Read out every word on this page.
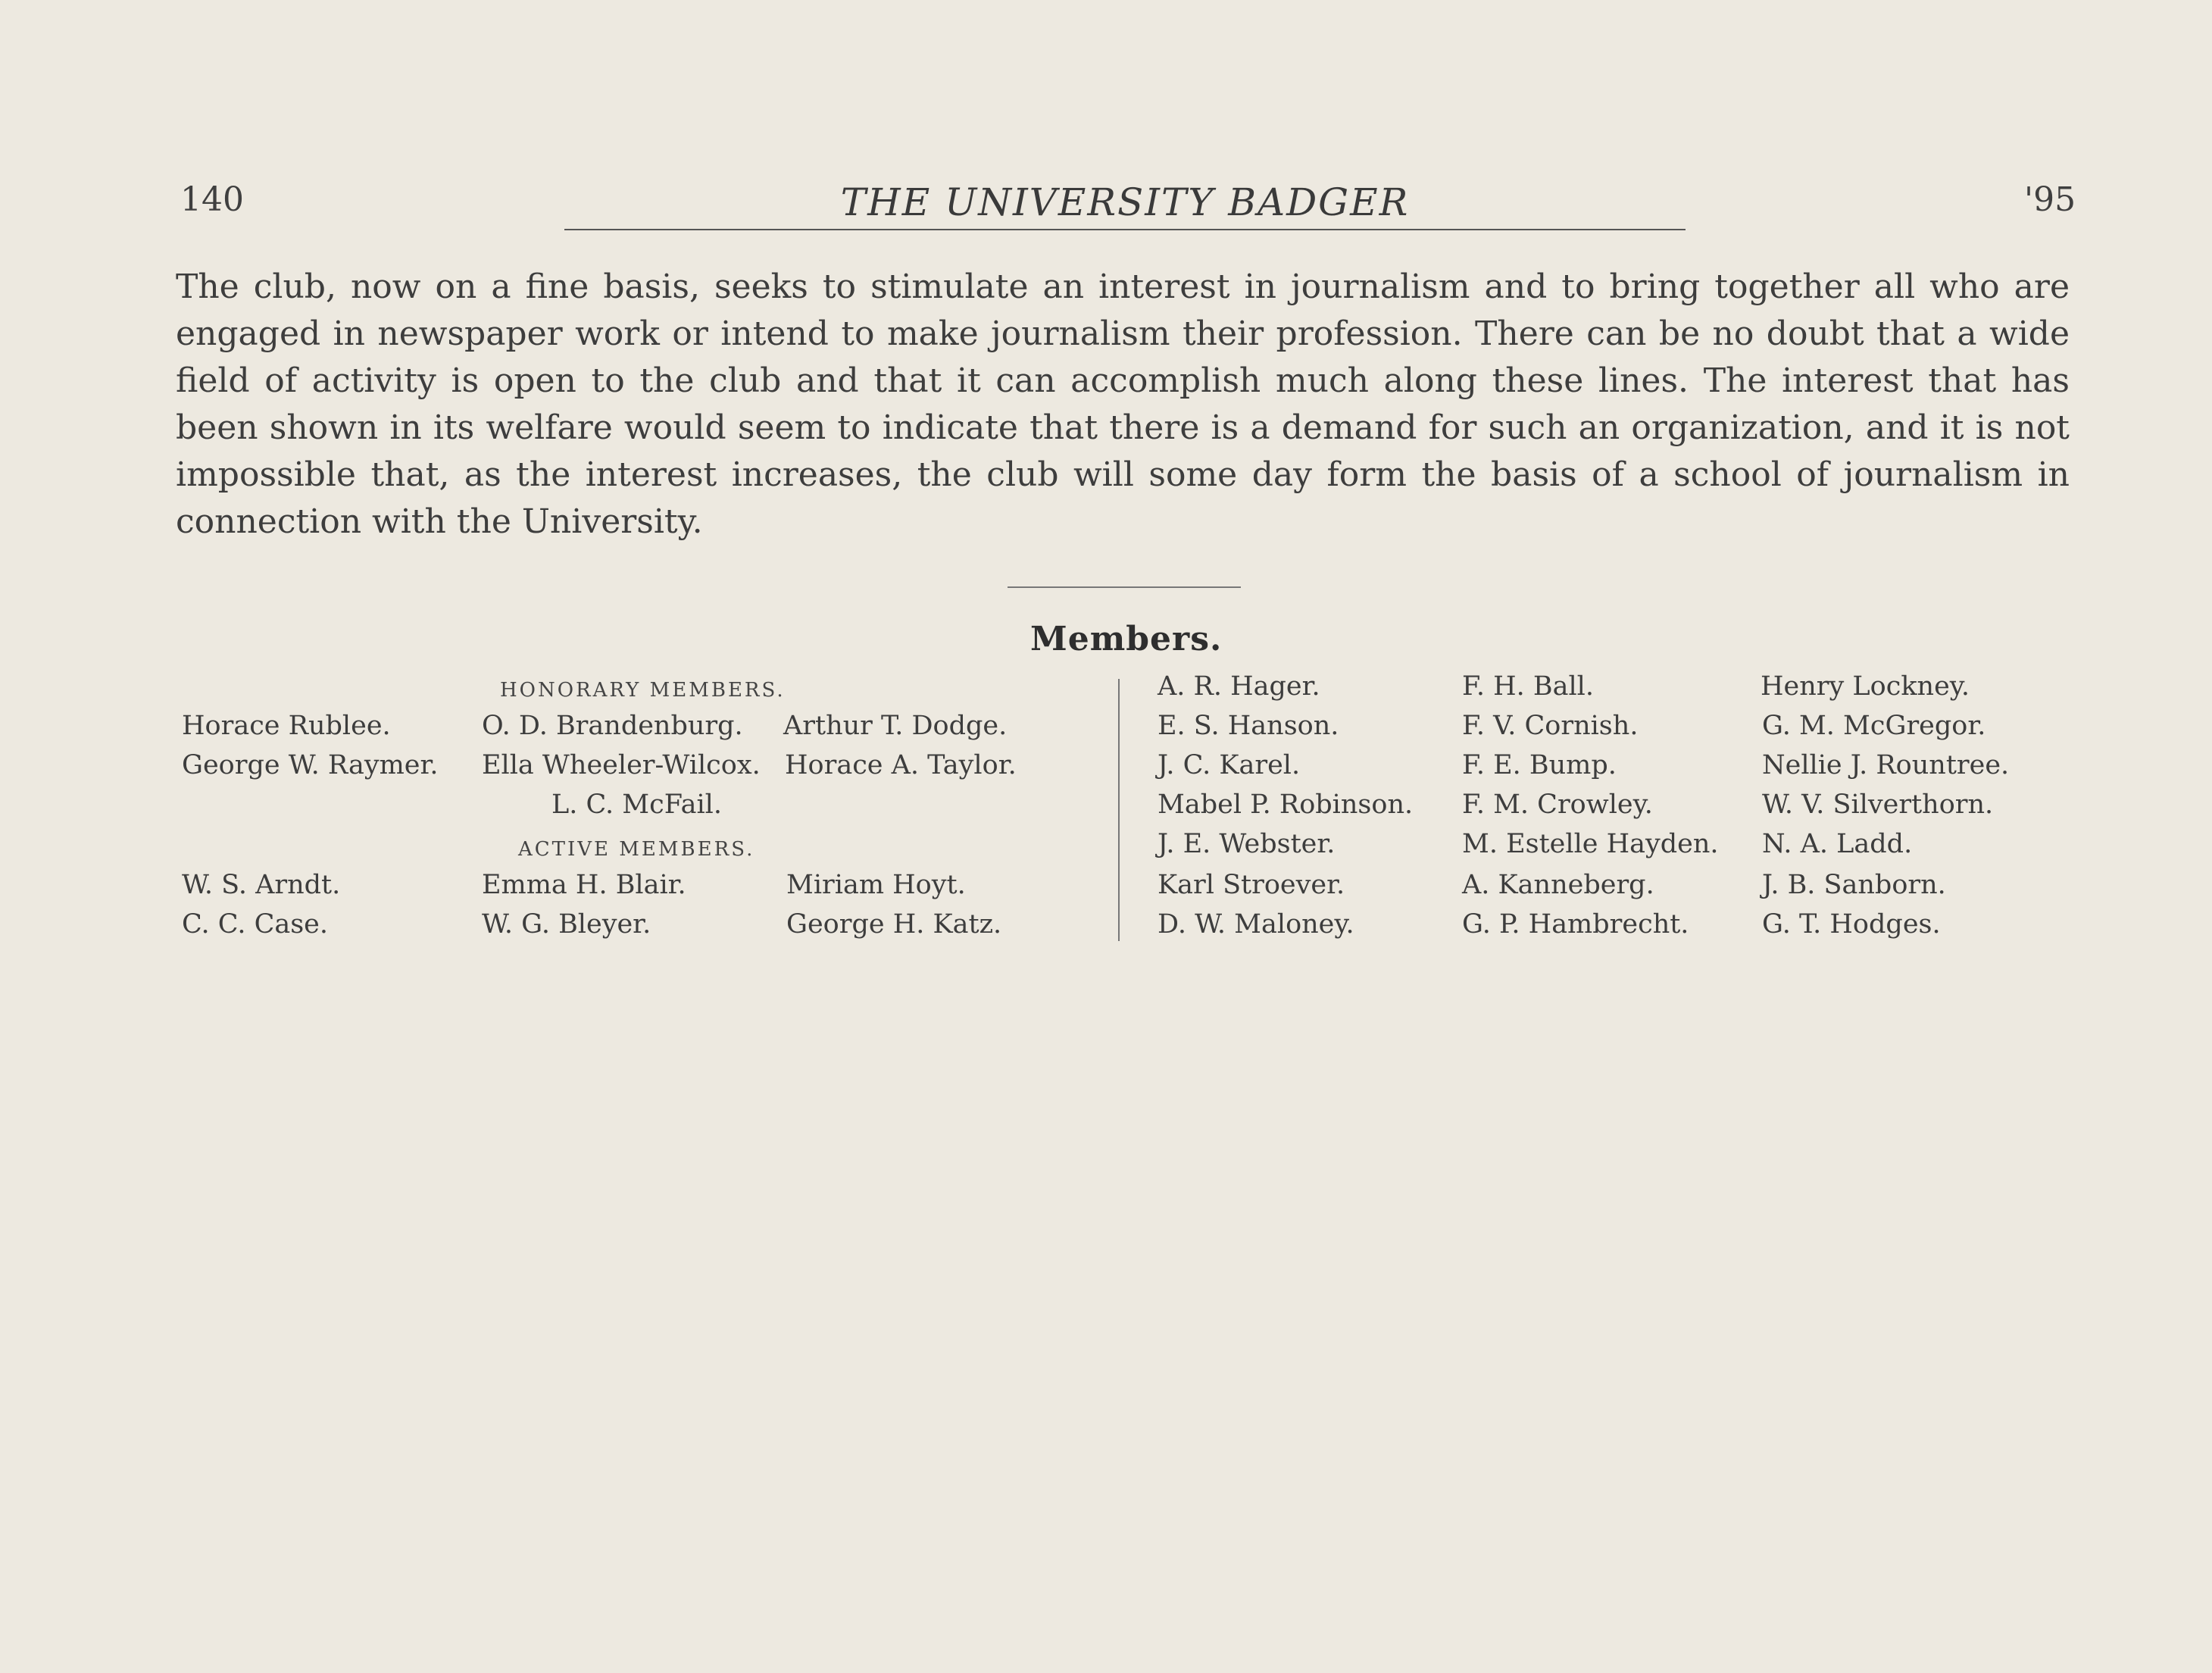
140	THE UNIVERSITY BADGER	'95

The club, now on a fine basis, seeks to stimulate an interest in journalism and to bring together all who are engaged in newspaper work or intend to make journalism their profession. There can be no doubt that a wide field of activity is open to the club and that it can accomplish much along these lines. The interest that has been shown in its welfare would seem to indicate that there is a demand for such an organization, and it is not impossible that, as the interest increases, the club will some day form the basis of a school of journalism in connection with the University.

Members.
HONORARY MEMBERS.
Horace Rublee.	O. D. Brandenburg. Arthur T. Dodge.
George W. Raymer. Ella Wheeler-Wilcox. Horace A. Taylor.
L. C. McFail.
ACTIVE MEMBERS.
W. S. Arndt.	Emma H. Blair.	Miriam Hoyt.
C. C. Case.	W. G. Bleyer.	George H. Katz.
A. R. Hager.	F. H. Ball.	Henry Lockney.
E. S. Hanson.	F. V. Cornish.	G. M. McGregor.
J. C. Karel.	F. E. Bump.	Nellie J. Rountree.
Mabel P. Robinson. F. M. Crowley.	W. V. Silverthorn.
J. E. Webster.	M. Estelle Hayden. N. A. Ladd.
Karl Stroever.	A. Kanneberg.	J. B. Sanborn.
D. W. Maloney.	G. P. Hambrecht.	G. T. Hodges.
